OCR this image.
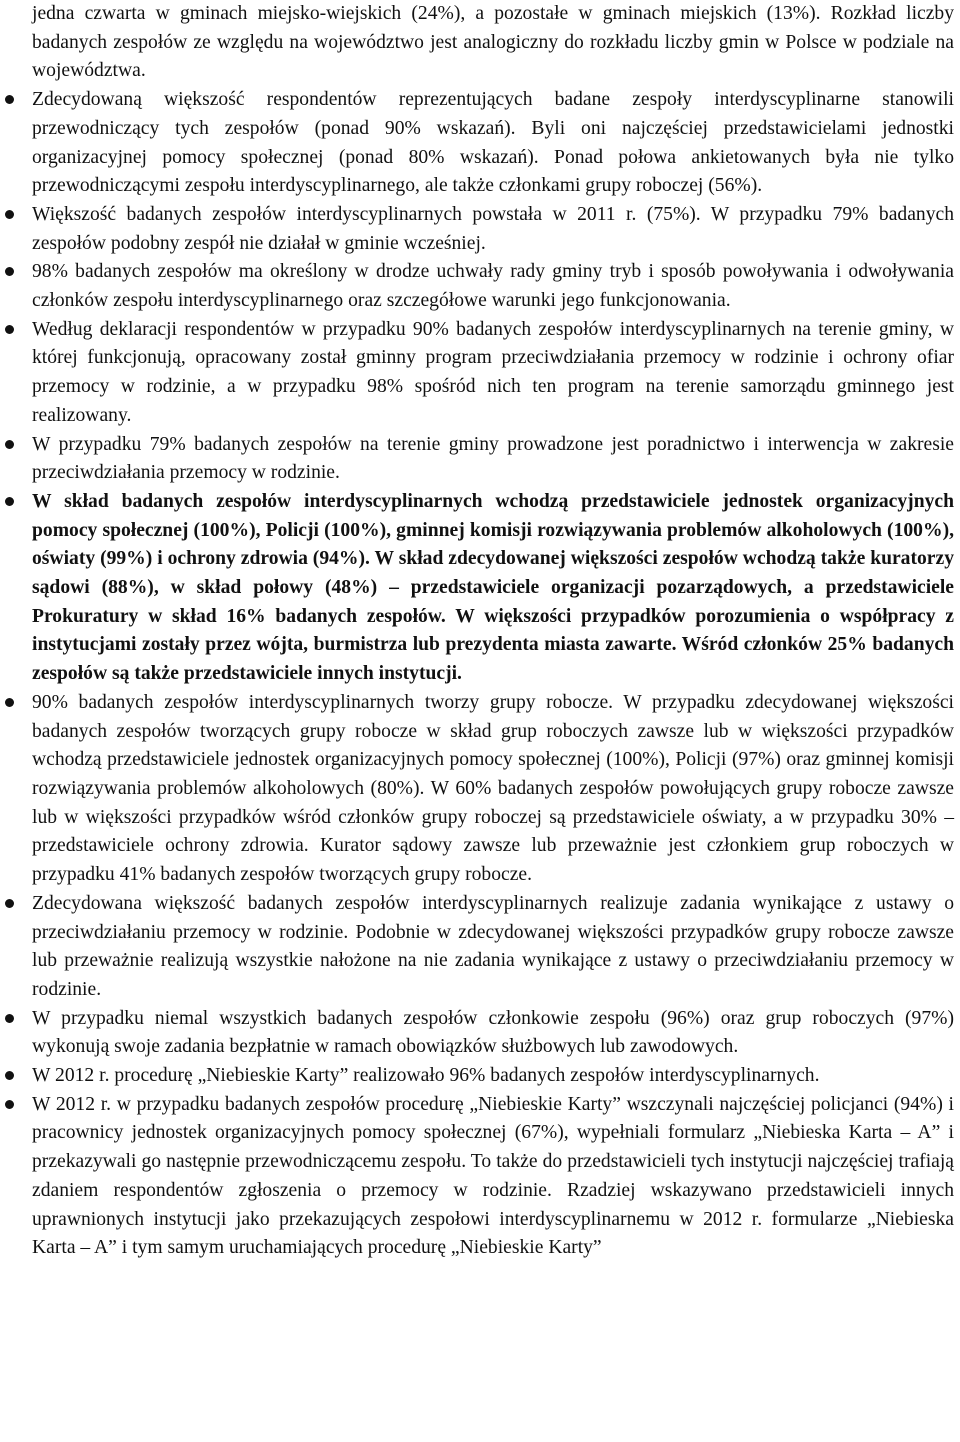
jedna czwarta w gminach miejsko-wiejskich (24%), a pozostałe w gminach miejskich (13%). Rozkład liczby badanych zespołów ze względu na województwo jest analogiczny do rozkładu liczby gmin w Polsce w podziale na województwa.

Zdecydowaną większość respondentów reprezentujących badane zespoły interdyscyplinarne stanowili przewodniczący tych zespołów (ponad 90% wskazań). Byli oni najczęściej przedstawicielami jednostki organizacyjnej pomocy społecznej (ponad 80% wskazań). Ponad połowa ankietowanych była nie tylko przewodniczącymi zespołu interdyscyplinarnego, ale także członkami grupy roboczej (56%).
Większość badanych zespołów interdyscyplinarnych powstała w 2011 r. (75%). W przypadku 79% badanych zespołów podobny zespół nie działał w gminie wcześniej.
98% badanych zespołów ma określony w drodze uchwały rady gminy tryb i sposób powoływania i odwoływania członków zespołu interdyscyplinarnego oraz szczegółowe warunki jego funkcjonowania.
Według deklaracji respondentów w przypadku 90% badanych zespołów interdyscyplinarnych na terenie gminy, w której funkcjonują, opracowany został gminny program przeciwdziałania przemocy w rodzinie i ochrony ofiar przemocy w rodzinie, a w przypadku 98% spośród nich ten program na terenie samorządu gminnego jest realizowany.
W przypadku 79% badanych zespołów na terenie gminy prowadzone jest poradnictwo i interwencja w zakresie przeciwdziałania przemocy w rodzinie.
W skład badanych zespołów interdyscyplinarnych wchodzą przedstawiciele jednostek organizacyjnych pomocy społecznej (100%), Policji (100%), gminnej komisji rozwiązywania problemów alkoholowych (100%), oświaty (99%) i ochrony zdrowia (94%). W skład zdecydowanej większości zespołów wchodzą także kuratorzy sądowi (88%), w skład połowy (48%) – przedstawiciele organizacji pozarządowych, a przedstawiciele Prokuratury w skład 16% badanych zespołów. W większości przypadków porozumienia o współpracy z instytucjami zostały przez wójta, burmistrza lub prezydenta miasta zawarte. Wśród członków 25% badanych zespołów są także przedstawiciele innych instytucji.
90% badanych zespołów interdyscyplinarnych tworzy grupy robocze. W przypadku zdecydowanej większości badanych zespołów tworzących grupy robocze w skład grup roboczych zawsze lub w większości przypadków wchodzą przedstawiciele jednostek organizacyjnych pomocy społecznej (100%), Policji (97%) oraz gminnej komisji rozwiązywania problemów alkoholowych (80%). W 60% badanych zespołów powołujących grupy robocze zawsze lub w większości przypadków wśród członków grupy roboczej są przedstawiciele oświaty, a w przypadku 30% – przedstawiciele ochrony zdrowia. Kurator sądowy zawsze lub przeważnie jest członkiem grup roboczych w przypadku 41% badanych zespołów tworzących grupy robocze.
Zdecydowana większość badanych zespołów interdyscyplinarnych realizuje zadania wynikające z ustawy o przeciwdziałaniu przemocy w rodzinie. Podobnie w zdecydowanej większości przypadków grupy robocze zawsze lub przeważnie realizują wszystkie nałożone na nie zadania wynikające z ustawy o przeciwdziałaniu przemocy w rodzinie.
W przypadku niemal wszystkich badanych zespołów członkowie zespołu (96%) oraz grup roboczych (97%) wykonują swoje zadania bezpłatnie w ramach obowiązków służbowych lub zawodowych.
W 2012 r. procedurę „Niebieskie Karty” realizowało 96% badanych zespołów interdyscyplinarnych.
W 2012 r. w przypadku badanych zespołów procedurę „Niebieskie Karty” wszczynali najczęściej policjanci (94%) i pracownicy jednostek organizacyjnych pomocy społecznej (67%), wypełniali formularz „Niebieska Karta – A” i przekazywali go następnie przewodniczącemu zespołu. To także do przedstawicieli tych instytucji najczęściej trafiają zdaniem respondentów zgłoszenia o przemocy w rodzinie. Rzadziej wskazywano przedstawicieli innych uprawnionych instytucji jako przekazujących zespołowi interdyscyplinarnemu w 2012 r. formularze „Niebieska Karta – A” i tym samym uruchamiających procedurę „Niebieskie Karty”
